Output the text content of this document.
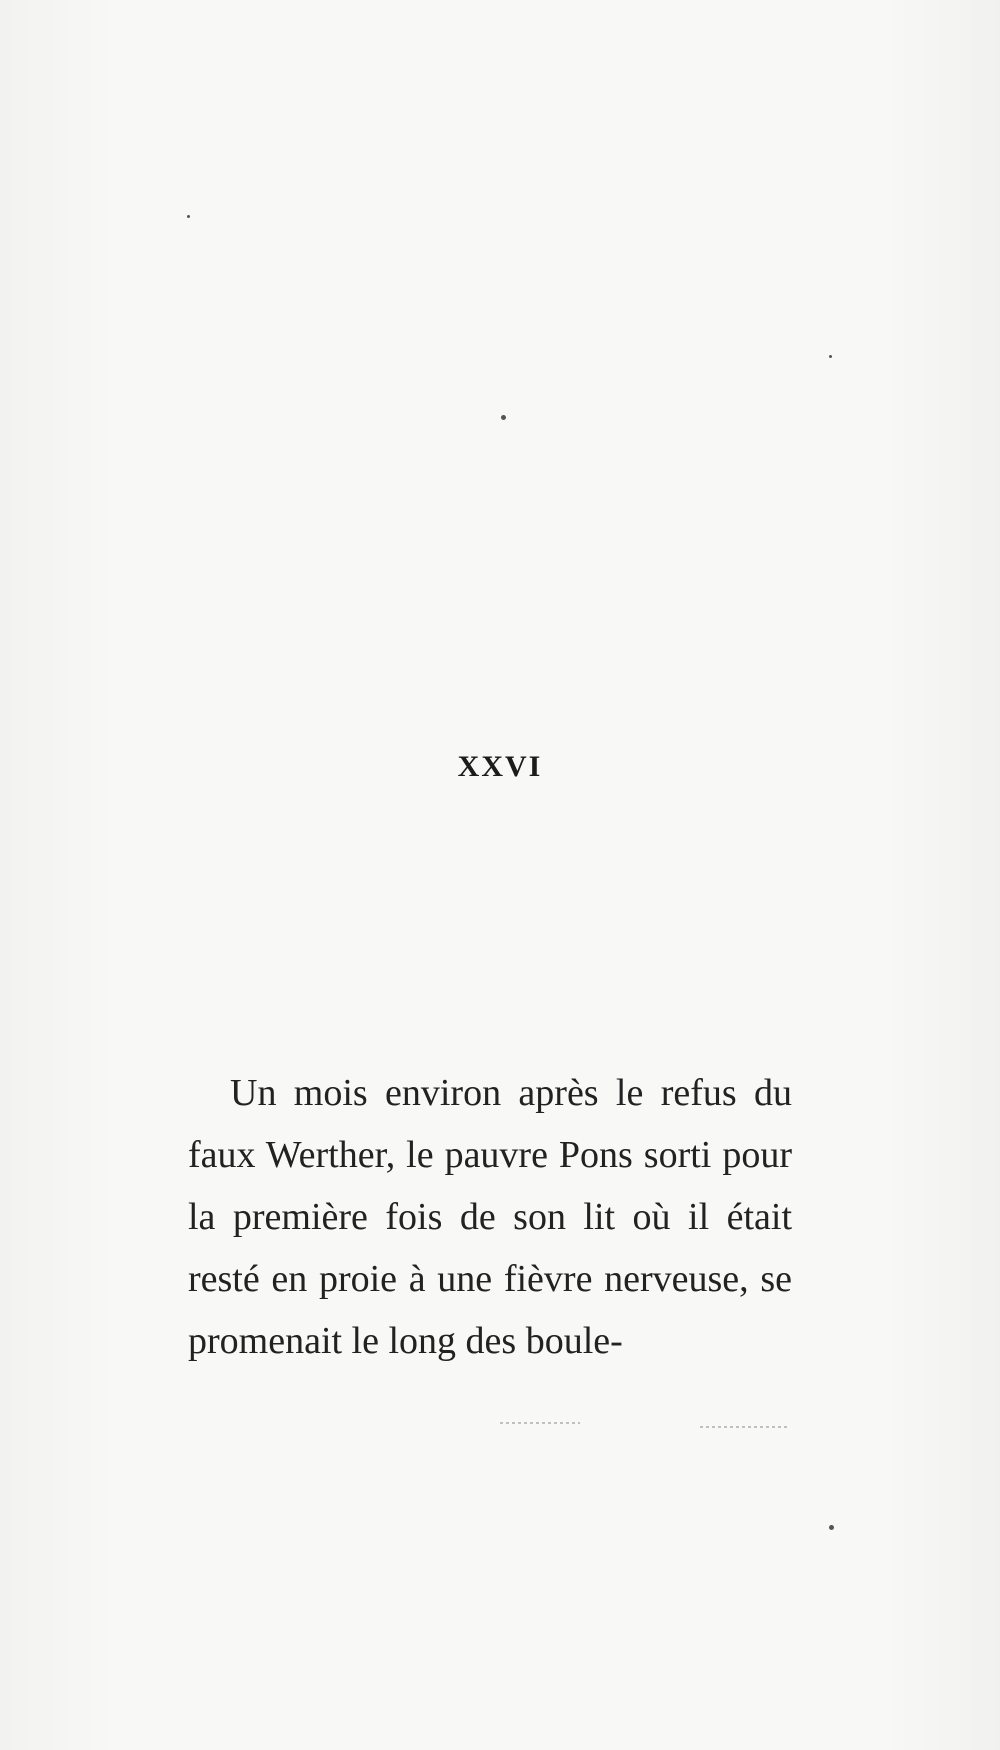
XXVI

Un mois environ après le refus du faux Werther, le pauvre Pons sorti pour la première fois de son lit où il était resté en proie à une fièvre nerveuse, se promenait le long des boule-
